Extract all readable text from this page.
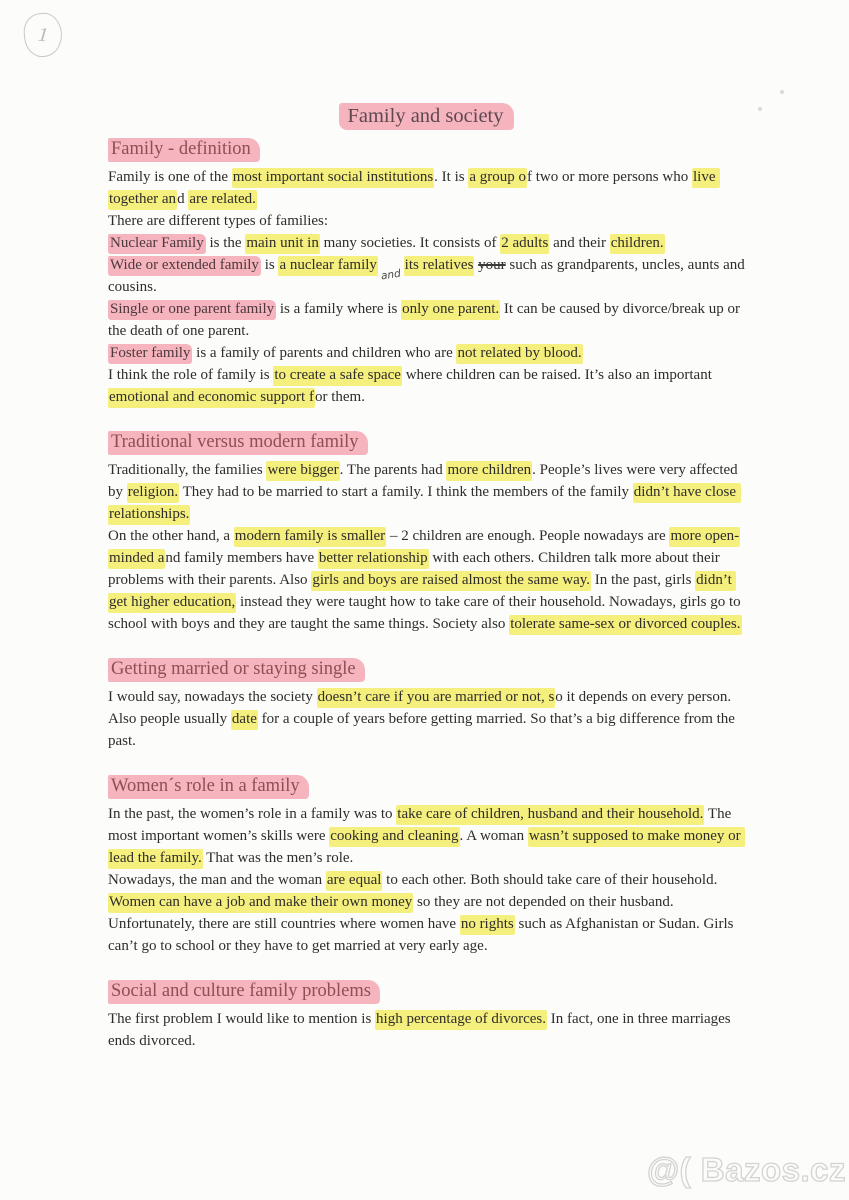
1
Family and society
Family - definition

Family is one of the most important social institutions. It is a group of two or more persons who live together and are related.

There are different types of families:

Nuclear Family is the main unit in many societies. It consists of 2 adults and their children.

Wide or extended family is a nuclear familyandits relatives your such as grandparents, uncles, aunts and cousins.

Single or one parent family is a family where is only one parent. It can be caused by divorce/break up or the death of one parent.

Foster family is a family of parents and children who are not related by blood.

I think the role of family is to create a safe space where children can be raised. It’s also an important emotional and economic support for them.

Traditional versus modern family

Traditionally, the families were bigger. The parents had more children. People’s lives were very affected by religion. They had to be married to start a family. I think the members of the family didn’t have close relationships.

On the other hand, a modern family is smaller – 2 children are enough. People nowadays are more open-minded and family members have better relationship with each others. Children talk more about their problems with their parents. Also girls and boys are raised almost the same way. In the past, girls didn’t get higher education, instead they were taught how to take care of their household. Nowadays, girls go to school with boys and they are taught the same things. Society also tolerate same-sex or divorced couples.

Getting married or staying single

I would say, nowadays the society doesn’t care if you are married or not, so it depends on every person. Also people usually date for a couple of years before getting married. So that’s a big difference from the past.

Women´s role in a family

In the past, the women’s role in a family was to take care of children, husband and their household. The most important women’s skills were cooking and cleaning. A woman wasn’t supposed to make money or lead the family. That was the men’s role.

Nowadays, the man and the woman are equal to each other. Both should take care of their household. Women can have a job and make their own money so they are not depended on their husband.

Unfortunately, there are still countries where women have no rights such as Afghanistan or Sudan. Girls can’t go to school or they have to get married at very early age.

Social and culture family problems

The first problem I would like to mention is high percentage of divorces. In fact, one in three marriages ends divorced.

@( Bazos.cz
